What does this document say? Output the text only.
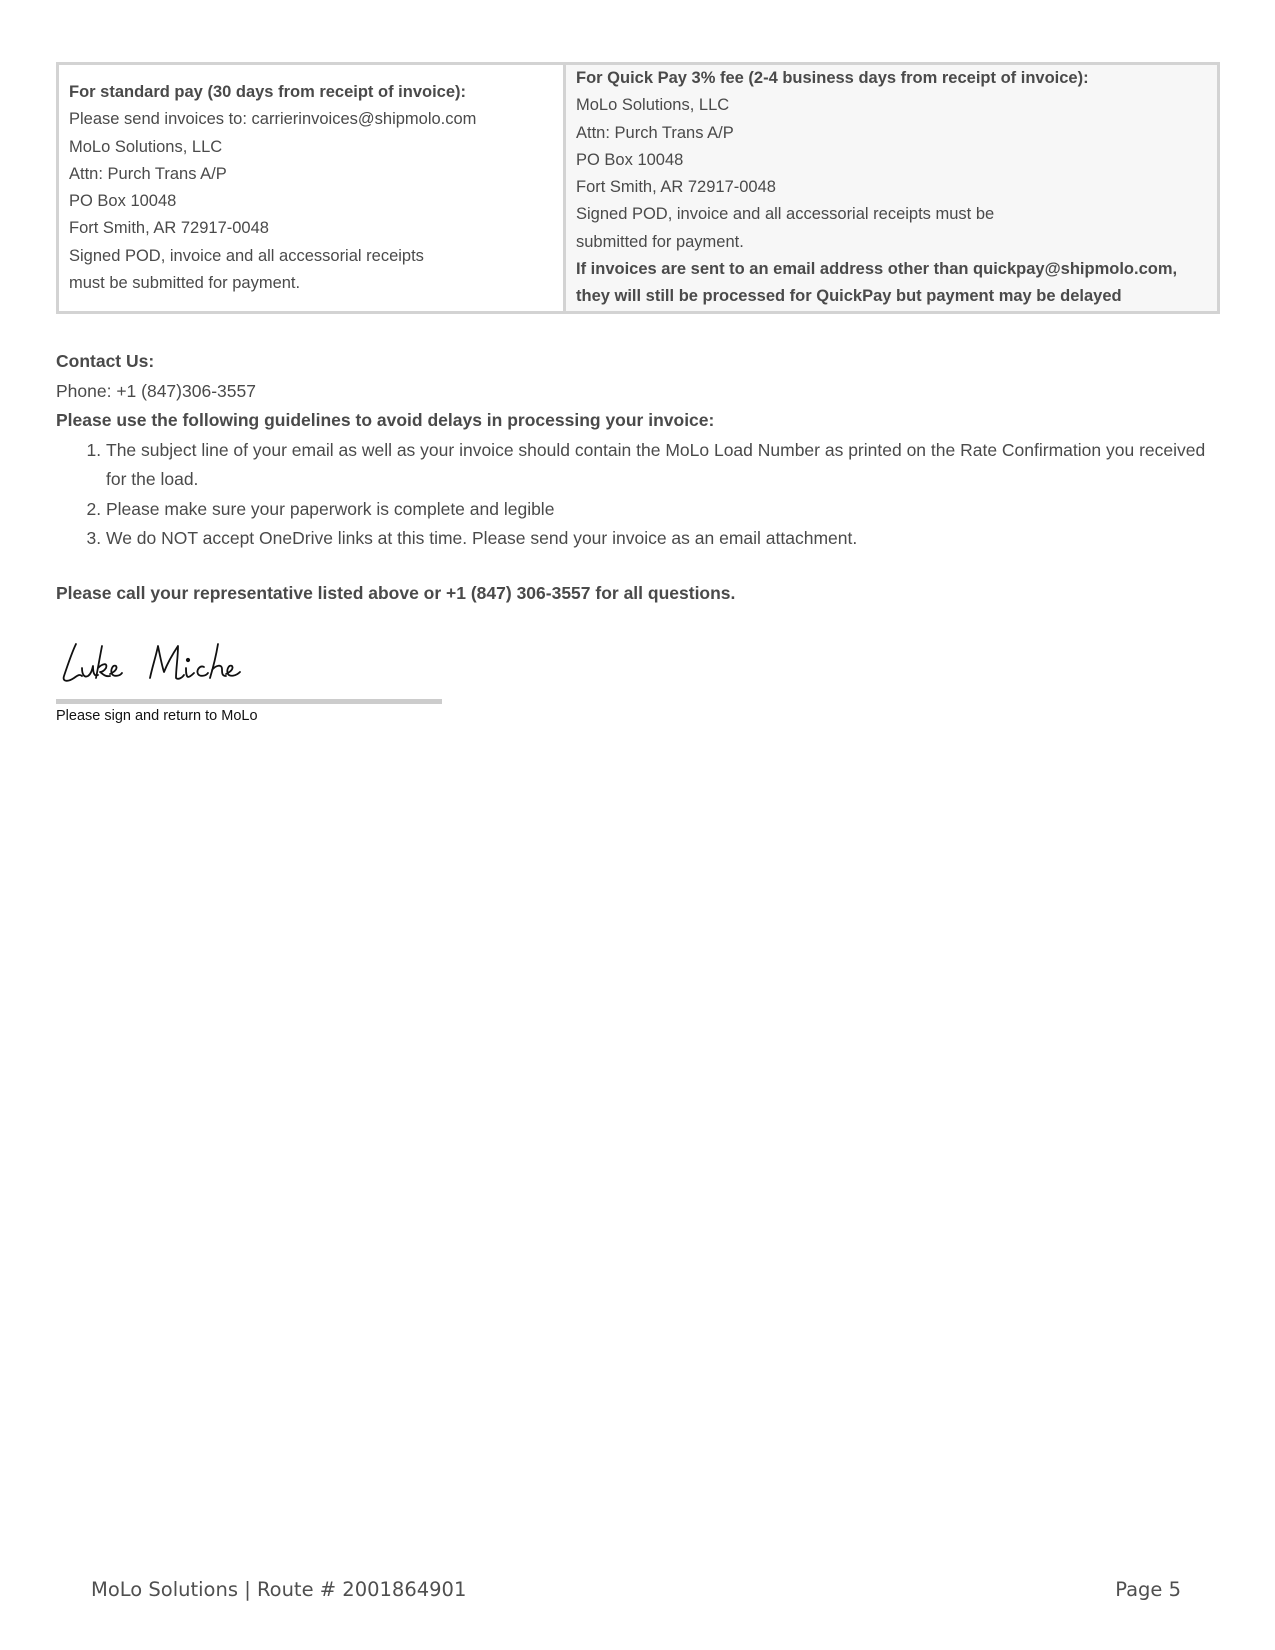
For standard pay (30 days from receipt of invoice):
Please send invoices to: carrierinvoices@shipmolo.com
MoLo Solutions, LLC
Attn: Purch Trans A/P
PO Box 10048
Fort Smith, AR 72917-0048
Signed POD, invoice and all accessorial receipts
must be submitted for payment.

For Quick Pay 3% fee (2-4 business days from receipt of invoice):
MoLo Solutions, LLC
Attn: Purch Trans A/P
PO Box 10048
Fort Smith, AR 72917-0048
Signed POD, invoice and all accessorial receipts must be
submitted for payment.
If invoices are sent to an email address other than quickpay@shipmolo.com,
they will still be processed for QuickPay but payment may be delayed
Contact Us:
Phone: +1 (847)306-3557
Please use the following guidelines to avoid delays in processing your invoice:
1. The subject line of your email as well as your invoice should contain the MoLo Load Number as printed on the Rate Confirmation you received for the load.
2. Please make sure your paperwork is complete and legible
3. We do NOT accept OneDrive links at this time. Please send your invoice as an email attachment.
Please call your representative listed above or +1 (847) 306-3557 for all questions.
Please sign and return to MoLo
MoLo Solutions | Route # 2001864901	Page 5
